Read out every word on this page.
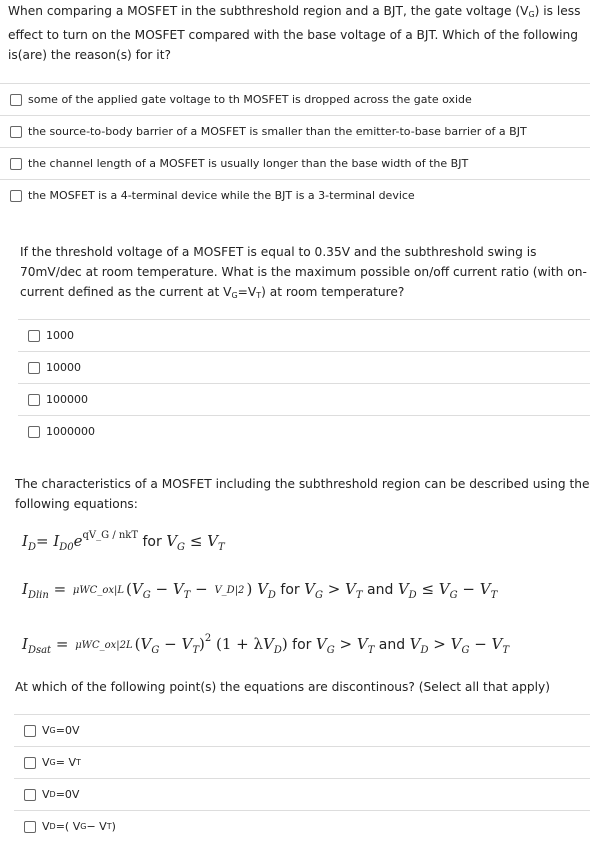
When comparing a MOSFET in the subthreshold region and a BJT, the gate voltage $(V_G)$ is less effect to turn on the MOSFET compared with the base voltage of a BJT. Which of the following is(are) the reason(s) for it?
some of the applied gate voltage to th MOSFET is dropped across the gate oxide
the source-to-body barrier of a MOSFET is smaller than the emitter-to-base barrier of a BJT
the channel length of a MOSFET is usually longer than the base width of the BJT
the MOSFET is a 4-terminal device while the BJT is a 3-terminal device
If the threshold voltage of a MOSFET is equal to 0.35V and the subthreshold swing is 70mV/dec at room temperature. What is the maximum possible on/off current ratio (with on-current defined as the current at $V_G=V_T$) at room temperature?
1000
10000
100000
1000000
The characteristics of a MOSFET including the subthreshold region can be described using the following equations:
$I_D= I_{D0}e^{qV\_G / nkT}$ for $V_G \le V_T$
$I_{Dlin}$ = μWC_ox|L ($V_G - V_T$ − V_D|2 ) $V_D$ for $V_G > V_T$ and $V_D \le V_G - V_T$
$I_{Dsat}$ = μWC_ox|2L $(V_G - V_T)^2$ $(1 + \lambda V_D)$ for $V_G > V_T$ and $V_D > V_G - V_T$
At which of the following point(s) the equations are discontinous? (Select all that apply)
V G =0V
V G = V T
V D =0V
V D =( V G − V T )
